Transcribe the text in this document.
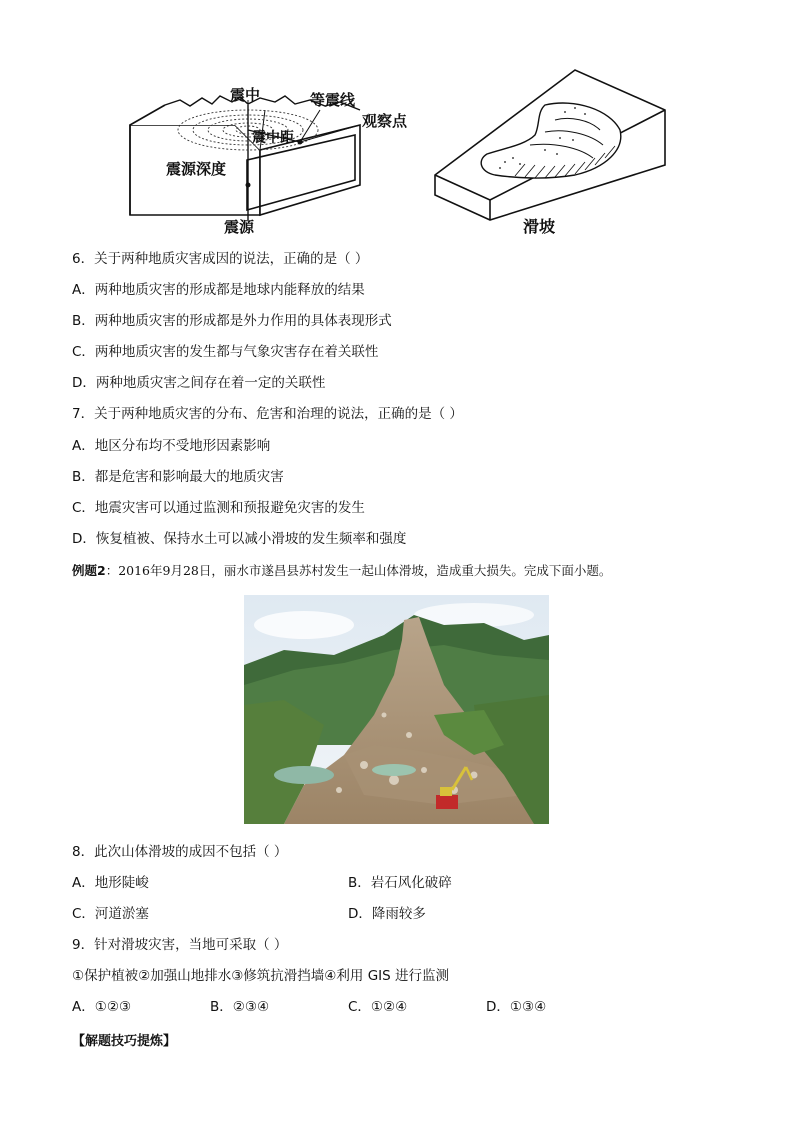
震中	等震线
观察点
震中距
震源深度
震源	滑坡
6．关于两种地质灾害成因的说法，正确的是（ ）
A．两种地质灾害的形成都是地球内能释放的结果
B．两种地质灾害的形成都是外力作用的具体表现形式
C．两种地质灾害的发生都与气象灾害存在着关联性
D．两种地质灾害之间存在着一定的关联性
7．关于两种地质灾害的分布、危害和治理的说法，正确的是（ ）
A．地区分布均不受地形因素影响
B．都是危害和影响最大的地质灾害
C．地震灾害可以通过监测和预报避免灾害的发生
D．恢复植被、保持水土可以减小滑坡的发生频率和强度
例题2：2016年9月28日，丽水市遂昌县苏村发生一起山体滑坡，造成重大损失。完成下面小题。
8．此次山体滑坡的成因不包括（ ）
A．地形陡峻	B．岩石风化破碎
C．河道淤塞	D．降雨较多
9．针对滑坡灾害，当地可采取（ ）
①保护植被②加强山地排水③修筑抗滑挡墙④利用 GIS 进行监测
A．①②③	B．②③④	C．①②④	D．①③④
【解题技巧提炼】
